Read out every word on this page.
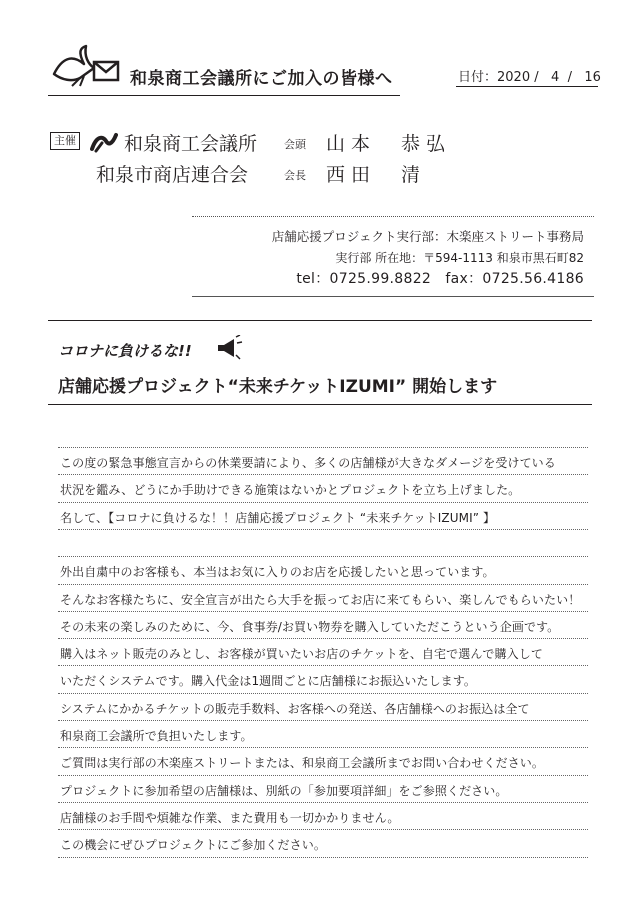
和泉商工会議所にご加入の皆様へ	日付：2020 /   4  /   16
主催	和泉商工会議所 会頭 山本　恭弘
和泉市商店連合会	会長 西田　清
店舗応援プロジェクト実行部：木楽座ストリート事務局
実行部 所在地：〒594-1113 和泉市黒石町82
tel：0725.99.8822　fax：0725.56.4186
コロナに負けるな!!
店舗応援プロジェクト“未来チケットIZUMI” 開始します
この度の緊急事態宣言からの休業要請により、多くの店舗様が大きなダメージを受けている
状況を鑑み、どうにか手助けできる施策はないかとプロジェクトを立ち上げました。
名して、【コロナに負けるな！！店舗応援プロジェクト “未来チケットIZUMI” 】
外出自粛中のお客様も、本当はお気に入りのお店を応援したいと思っています。
そんなお客様たちに、安全宣言が出たら大手を振ってお店に来てもらい、楽しんでもらいたい！
その未来の楽しみのために、今、食事券/お買い物券を購入していただこうという企画です。
購入はネット販売のみとし、お客様が買いたいお店のチケットを、自宅で選んで購入して
いただくシステムです。購入代金は1週間ごとに店舗様にお振込いたします。
システムにかかるチケットの販売手数料、お客様への発送、各店舗様へのお振込は全て
和泉商工会議所で負担いたします。
ご質問は実行部の木楽座ストリートまたは、和泉商工会議所までお問い合わせください。
プロジェクトに参加希望の店舗様は、別紙の「参加要項詳細」をご参照ください。
店舗様のお手間や煩雑な作業、また費用も一切かかりません。
この機会にぜひプロジェクトにご参加ください。
